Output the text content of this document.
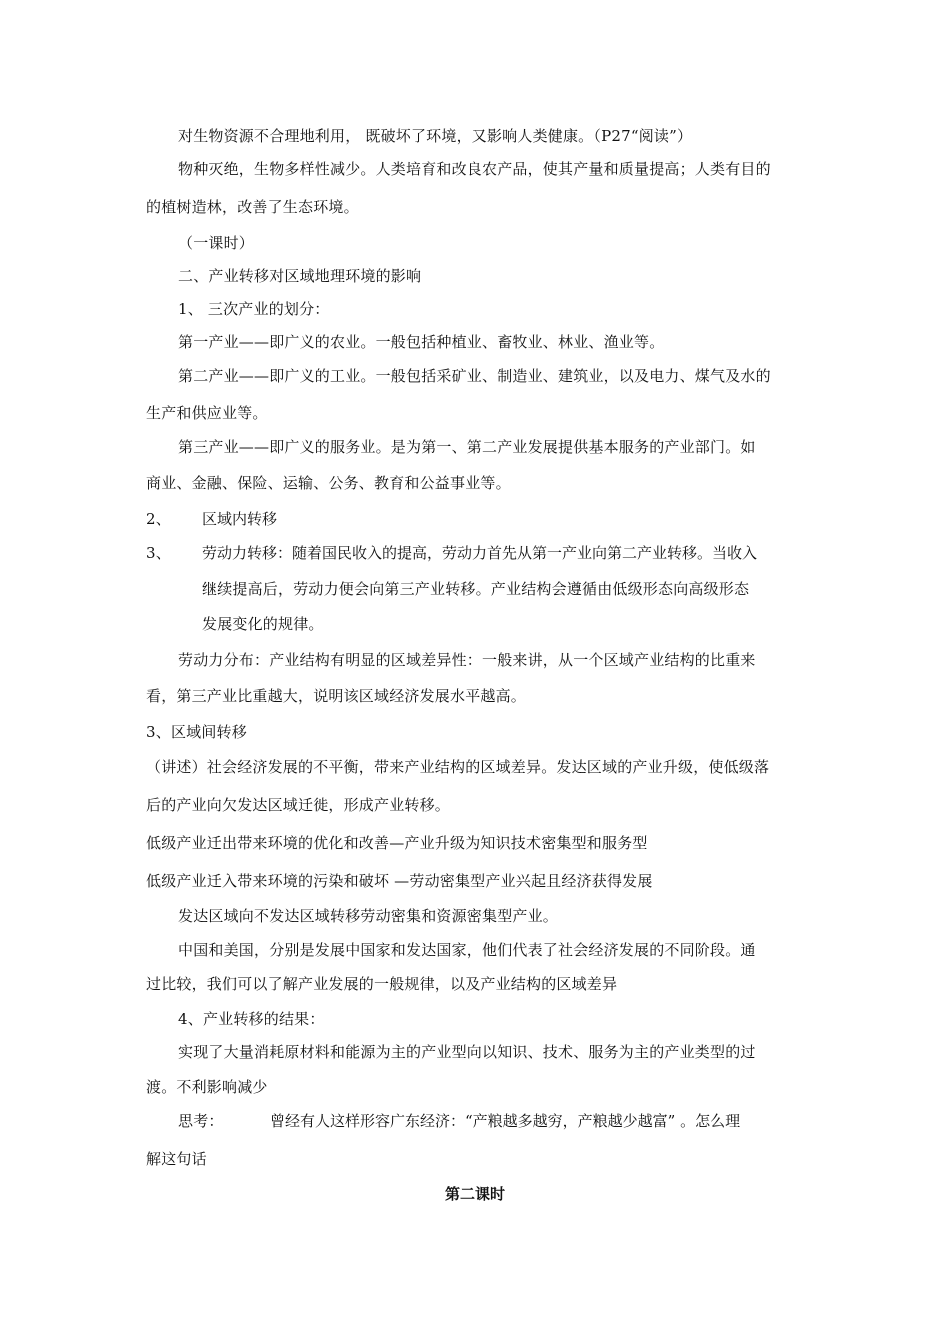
对生物资源不合理地利用， 既破坏了环境，又影响人类健康。（P27“阅读”）
物种灭绝，生物多样性减少。人类培育和改良农产品，使其产量和质量提高；人类有目的
的植树造林，改善了生态环境。
（一课时）
二、产业转移对区域地理环境的影响
1、 三次产业的划分：
第一产业——即广义的农业。一般包括种植业、畜牧业、林业、渔业等。
第二产业——即广义的工业。一般包括采矿业、制造业、建筑业，以及电力、煤气及水的
生产和供应业等。
第三产业——即广义的服务业。是为第一、第二产业发展提供基本服务的产业部门。如
商业、金融、保险、运输、公务、教育和公益事业等。
2、	区域内转移
3、	劳动力转移：随着国民收入的提高，劳动力首先从第一产业向第二产业转移。当收入
继续提高后，劳动力便会向第三产业转移。产业结构会遵循由低级形态向高级形态
发展变化的规律。
劳动力分布：产业结构有明显的区域差异性：一般来讲，从一个区域产业结构的比重来
看，第三产业比重越大，说明该区域经济发展水平越高。
3、区域间转移
（讲述）社会经济发展的不平衡，带来产业结构的区域差异。发达区域的产业升级，使低级落
后的产业向欠发达区域迁徙，形成产业转移。
低级产业迁出带来环境的优化和改善—产业升级为知识技术密集型和服务型
低级产业迁入带来环境的污染和破坏 —劳动密集型产业兴起且经济获得发展
发达区域向不发达区域转移劳动密集和资源密集型产业。
中国和美国，分别是发展中国家和发达国家，他们代表了社会经济发展的不同阶段。通
过比较，我们可以了解产业发展的一般规律，以及产业结构的区域差异
4、产业转移的结果：
实现了大量消耗原材料和能源为主的产业型向以知识、技术、服务为主的产业类型的过
渡。不利影响减少
思考：	曾经有人这样形容广东经济：“产粮越多越穷，产粮越少越富” 。怎么理
解这句话
第二课时
